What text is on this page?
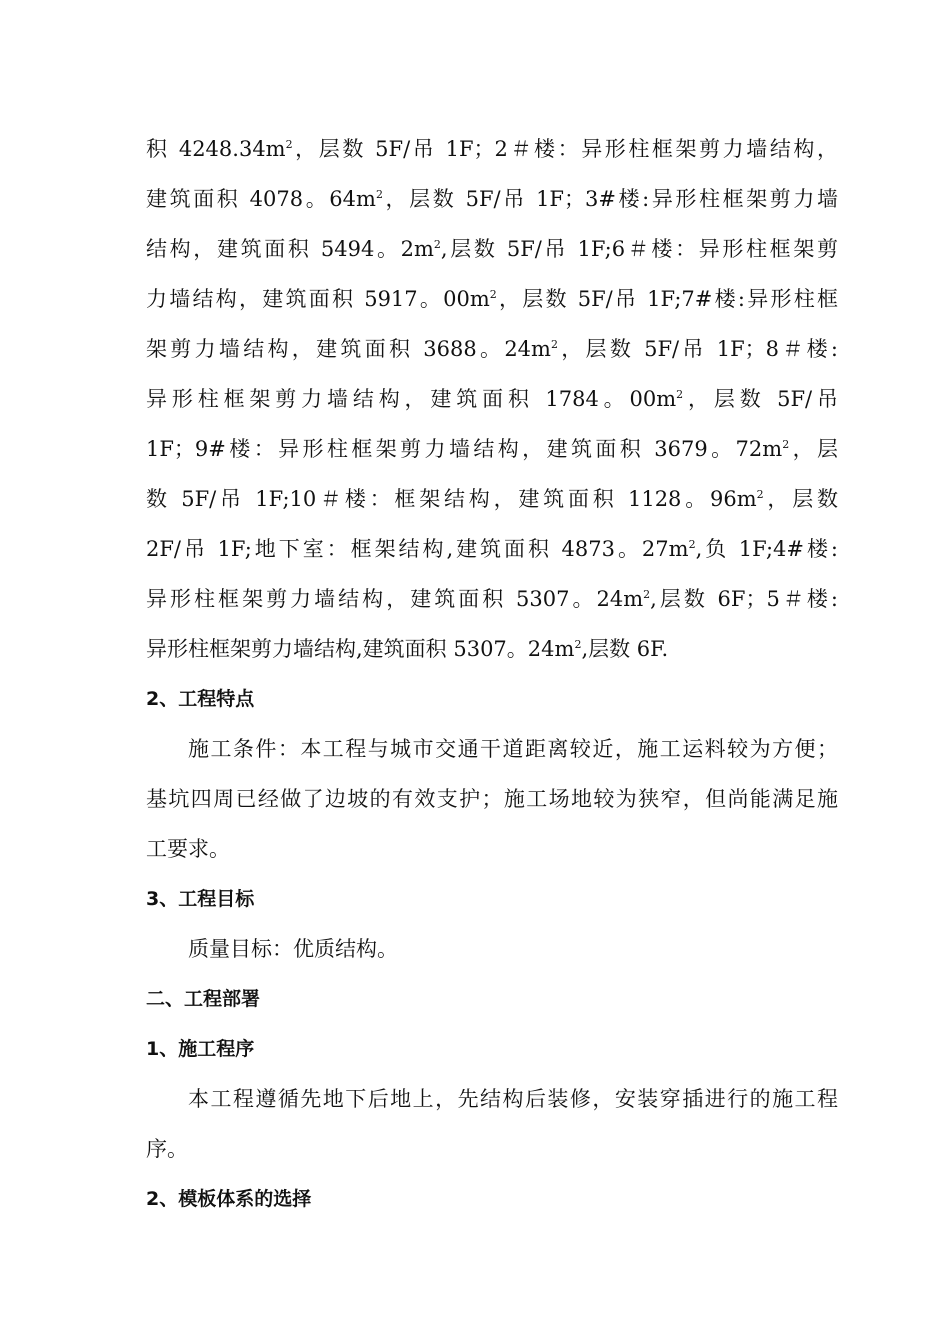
积 $4248.34m^2$，层数 5F/吊 1F；2＃楼：异形柱框架剪力墙结构，

建筑面积 4078。$64m^2$，层数 5F/吊 1F；3#楼:异形柱框架剪力墙

结构，建筑面积 5494。$2m^2$,层数 5F/吊 1F;6＃楼：异形柱框架剪

力墙结构，建筑面积 5917。$00m^2$，层数 5F/吊 1F;7#楼:异形柱框

架剪力墙结构，建筑面积 3688。$24m^2$，层数 5F/吊 1F；8＃楼:

异形柱框架剪力墙结构，建筑面积 1784。$00m^2$，层数 5F/吊

1F；9#楼：异形柱框架剪力墙结构，建筑面积 3679。$72m^2$，层

数 5F/吊 1F;10＃楼：框架结构，建筑面积 1128。$96m^2$，层数

2F/吊 1F;地下室：框架结构,建筑面积 4873。$27m^2$,负 1F;4#楼:

异形柱框架剪力墙结构，建筑面积 5307。$24m^2$,层数 6F；5＃楼:

异形柱框架剪力墙结构,建筑面积 5307。$24m^2$,层数 6F.

2、工程特点

施工条件：本工程与城市交通干道距离较近，施工运料较为方便；

基坑四周已经做了边坡的有效支护；施工场地较为狭窄，但尚能满足施

工要求。

3、工程目标

质量目标：优质结构。

二、工程部署
1、施工程序

本工程遵循先地下后地上，先结构后装修，安装穿插进行的施工程

序。

2、模板体系的选择
